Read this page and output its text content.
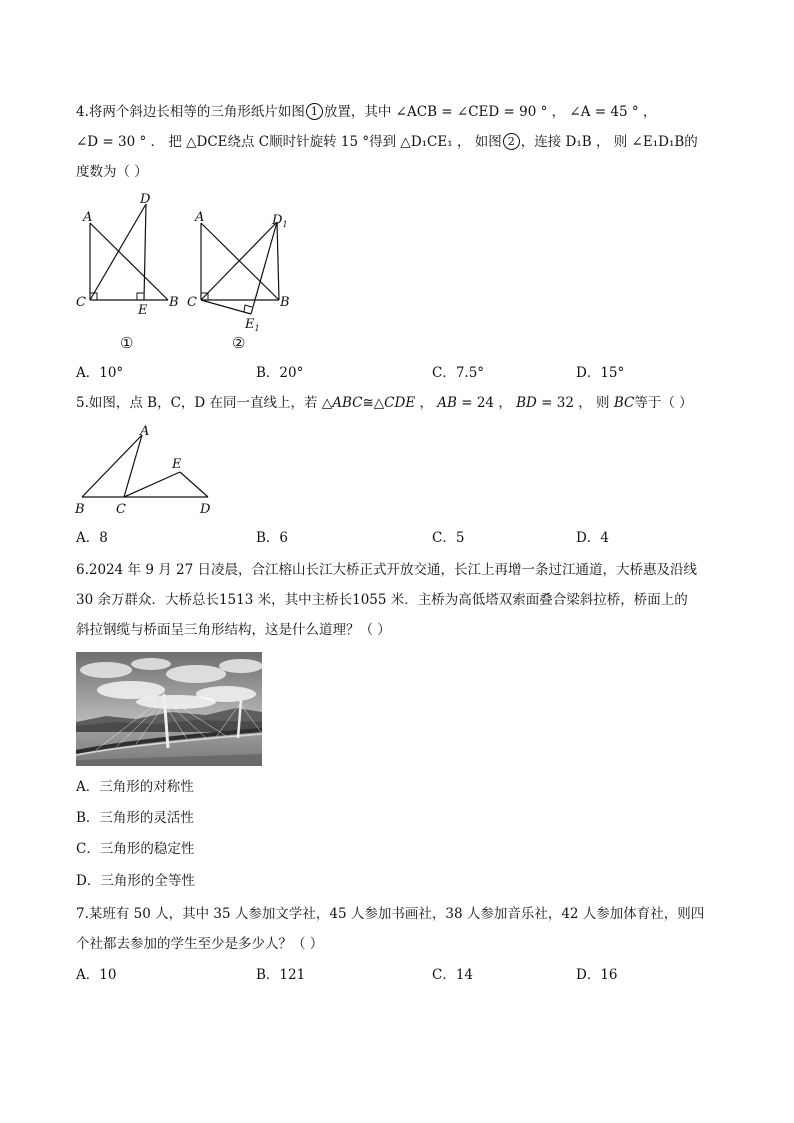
4.将两个斜边长相等的三角形纸片如图 1 放置，其中 ∠ACB = ∠CED = 90 ° ， ∠A = 45 ° ，
∠D = 30 ° ． 把 △DCE绕点 C顺时针旋转 15 °得到 △D₁CE₁ ， 如图 2 ，连接 D₁B ， 则 ∠E₁D₁B的
度数为（ ）
A
D
C
E
B
①
A	$D_1$
C	B
$E_1$
②
A．10°	B．20°	C．7.5°	D．15°
5.如图，点 B，C，D 在同一直线上，若 △ABC≅△CDE ， AB = 24 ， BD = 32 ， 则 BC等于（ ）
A
E
B C	D
A．8	B．6	C．5	D．4
6.2024 年 9 月 27 日凌晨，合江榕山长江大桥正式开放交通，长江上再增一条过江通道，大桥惠及沿线
30 余万群众．大桥总长1513 米，其中主桥长1055 米．主桥为高低塔双索面叠合梁斜拉桥，桥面上的
斜拉钢缆与桥面呈三角形结构，这是什么道理？（ ）
A．三角形的对称性
B．三角形的灵活性
C．三角形的稳定性
D．三角形的全等性
7.某班有 50 人，其中 35 人参加文学社，45 人参加书画社，38 人参加音乐社，42 人参加体育社，则四
个社都去参加的学生至少是多少人？（ ）
A．10	B．121	C．14	D．16
